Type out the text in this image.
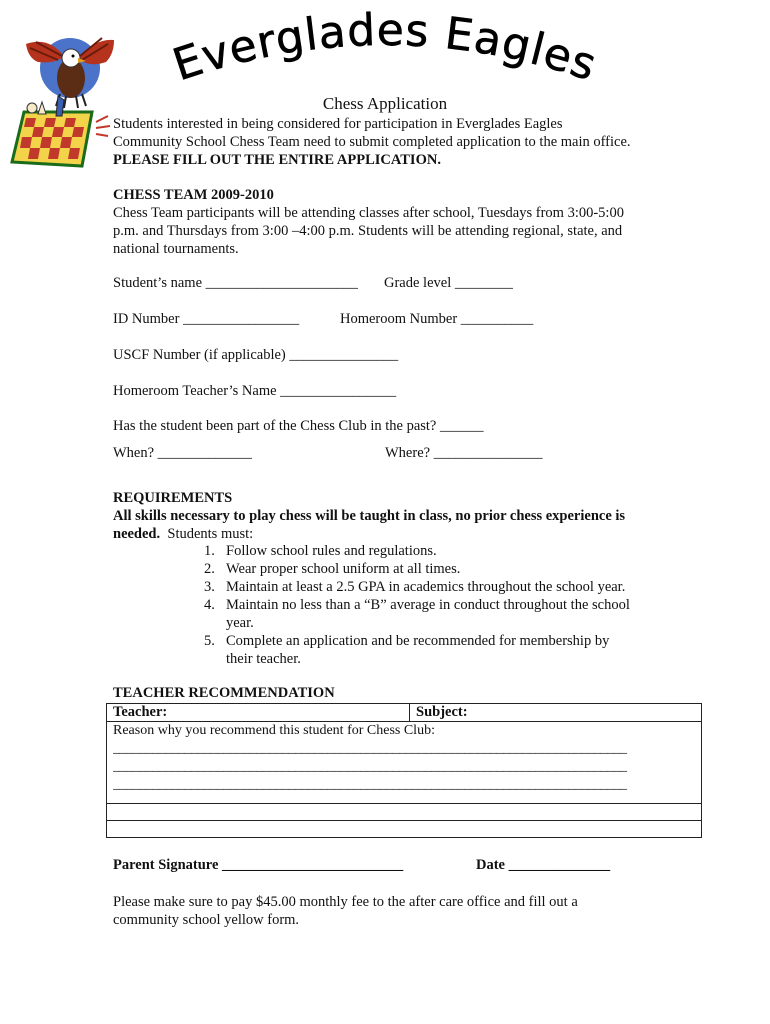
Everglades Eagles
Chess Application
Students interested in being considered for participation in Everglades Eagles
Community School Chess Team need to submit completed application to the main office.
PLEASE FILL OUT THE ENTIRE APPLICATION.
CHESS TEAM 2009-2010
Chess Team participants will be attending classes after school, Tuesdays from 3:00-5:00
p.m. and Thursdays from 3:00 –4:00 p.m. Students will be attending regional, state, and
national tournaments.
Student’s name _____________________ Grade level ________
ID Number ________________	Homeroom Number __________
USCF Number (if applicable) _______________
Homeroom Teacher’s Name ________________
Has the student been part of the Chess Club in the past? ______
When? _____________	Where? _______________
REQUIREMENTS
All skills necessary to play chess will be taught in class, no prior chess experience is
needed.  Students must:
1. Follow school rules and regulations.
2. Wear proper school uniform at all times.
3. Maintain at least a 2.5 GPA in academics throughout the school year.
4. Maintain no less than a “B” average in conduct throughout the school year.
5. Complete an application and be recommended for membership by their teacher.
TEACHER RECOMMENDATION
Teacher:	Subject:

Reason why you recommend this student for Chess Club:
_______________________________________________________________________________
_______________________________________________________________________________
_______________________________________________________________________________

Parent Signature _________________________	Date ______________
Please make sure to pay $45.00 monthly fee to the after care office and fill out a
community school yellow form.
